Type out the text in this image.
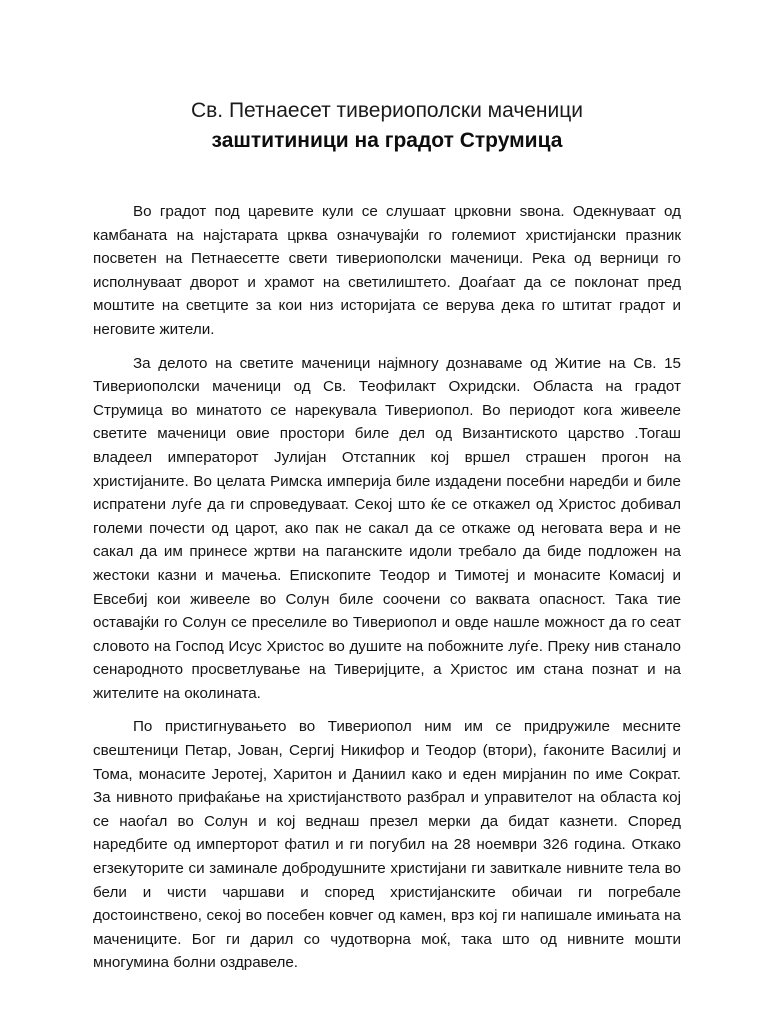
Св. Петнаесет тивериополски маченици
заштитиници на градот Струмица

Во градот под царевите кули се слушаат црковни ѕвона. Одекнуваат од камбаната на најстарата црква означувајќи го големиот христијански празник посветен на Петнаесетте свети тивериополски маченици. Река од верници го исполнуваат дворот и храмот на светилиштето. Доаѓаат да се поклонат пред моштите на светците за кои низ историјата се верува дека го штитат градот и неговите жители.

За делото на светите маченици најмногу дознаваме од Житие на Св. 15 Тивериополски маченици од Св. Теофилакт Охридски. Областа на градот Струмица во минатото се нарекувала Тивериопол. Во периодот кога живееле светите маченици овие простори биле дел од Византиското царство .Тогаш владеел императорот Јулијан Отстапник кој вршел страшен прогон на христијаните. Во целата Римска империја биле издадени посебни наредби и биле испратени луѓе да ги спроведуваат. Секој што ќе се откажел од Христос добивал големи почести од царот, ако пак не сакал да се откаже од неговата вера и не сакал да им принесе жртви на паганските идоли требало да биде подложен на жестоки казни и мачења. Епископите Теодор и Тимотеј и монасите Комасиј и Евсебиј кои живееле во Солун биле соочени со ваквата опасност. Така тие оставајќи го Солун се преселиле во Тивериопол и овде нашле можност да го сеат словото на Господ Исус Христос во душите на побожните луѓе. Преку нив станало сенародното просветлување на Тиверијците, а Христос им стана познат и на жителите на околината.

По пристигнувањето во Тивериопол ним им се придружиле месните свештеници Петар, Јован, Сергиј Никифор и Теодор (втори), ѓаконите Василиј и Тома, монасите Јеротеј, Харитон и Даниил како и еден мирјанин по име Сократ. За нивното прифаќање на христијанството разбрал и управителот на областа кој се наоѓал во Солун и кој веднаш презел мерки да бидат казнети. Според наредбите од имперторот фатил и ги погубил на 28 ноември 326 година. Откако егзекуторите си заминале добродушните христијани ги завиткале нивните тела во бели и чисти чаршави и според христијанските обичаи ги погребале достоинствено, секој во посебен ковчег од камен, врз кој ги напишале имињата на мачениците. Бог ги дарил со чудотворна моќ, така што од нивните мошти многумина болни оздравеле.
